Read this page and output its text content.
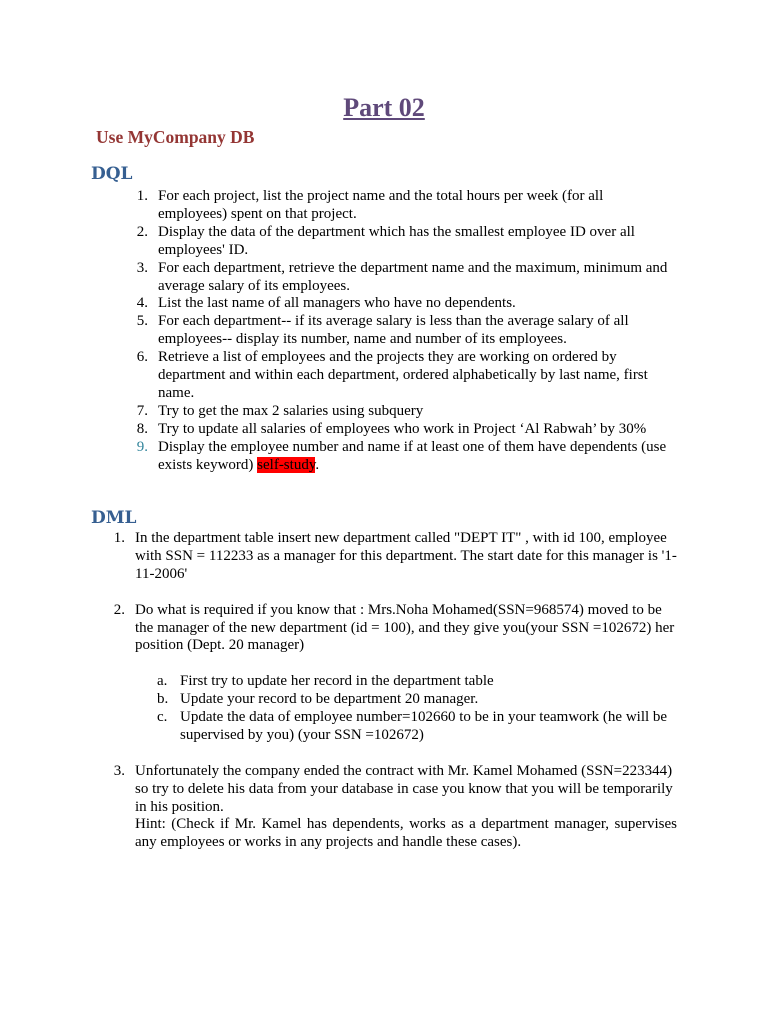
Part 02
Use MyCompany DB
DQL
1. For each project, list the project name and the total hours per week (for all employees) spent on that project.
2. Display the data of the department which has the smallest employee ID over all employees' ID.
3. For each department, retrieve the department name and the maximum, minimum and average salary of its employees.
4. List the last name of all managers who have no dependents.
5. For each department-- if its average salary is less than the average salary of all employees-- display its number, name and number of its employees.
6. Retrieve a list of employees and the projects they are working on ordered by department and within each department, ordered alphabetically by last name, first name.
7. Try to get the max 2 salaries using subquery
8. Try to update all salaries of employees who work in Project ‘Al Rabwah’ by 30%
9. Display the employee number and name if at least one of them have dependents (use exists keyword) self-study.
DML
1. In the department table insert new department called "DEPT IT" , with id 100, employee with SSN = 112233 as a manager for this department. The start date for this manager is '1-11-2006'
2. Do what is required if you know that : Mrs.Noha Mohamed(SSN=968574) moved to be the manager of the new department (id = 100), and they give you(your SSN =102672) her position (Dept. 20 manager)
a. First try to update her record in the department table
b. Update your record to be department 20 manager.
c. Update the data of employee number=102660 to be in your teamwork (he will be supervised by you) (your SSN =102672)
3. Unfortunately the company ended the contract with Mr. Kamel Mohamed (SSN=223344) so try to delete his data from your database in case you know that you will be temporarily in his position.
Hint: (Check if Mr. Kamel has dependents, works as a department manager, supervises any employees or works in any projects and handle these cases).
